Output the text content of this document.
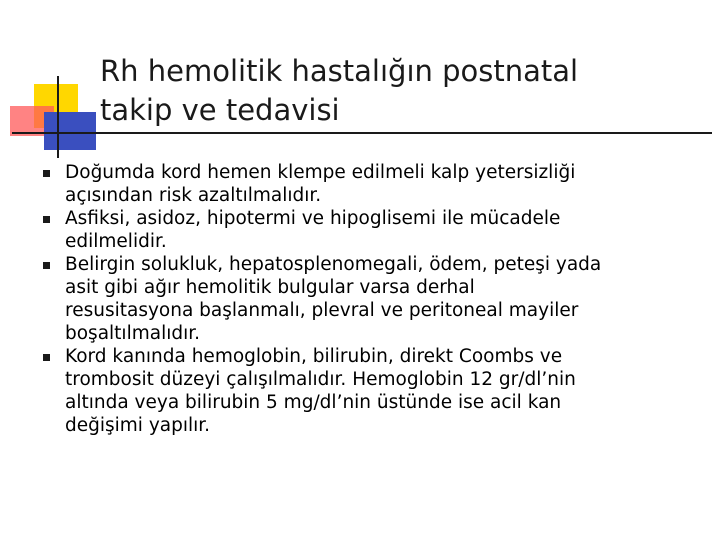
Rh hemolitik hastalığın postnatal
takip ve tedavisi
Doğumda kord hemen klempe edilmeli kalp yetersizliği
açısından risk azaltılmalıdır.
Asfiksi, asidoz, hipotermi ve hipoglisemi ile mücadele
edilmelidir.
Belirgin solukluk, hepatosplenomegali, ödem, peteşi yada
asit gibi ağır hemolitik bulgular varsa derhal
resusitasyona başlanmalı, plevral ve peritoneal mayiler
boşaltılmalıdır.
Kord kanında hemoglobin, bilirubin, direkt Coombs ve
trombosit düzeyi çalışılmalıdır. Hemoglobin 12 gr/dl’nin
altında veya bilirubin 5 mg/dl’nin üstünde ise acil kan
değişimi yapılır.
